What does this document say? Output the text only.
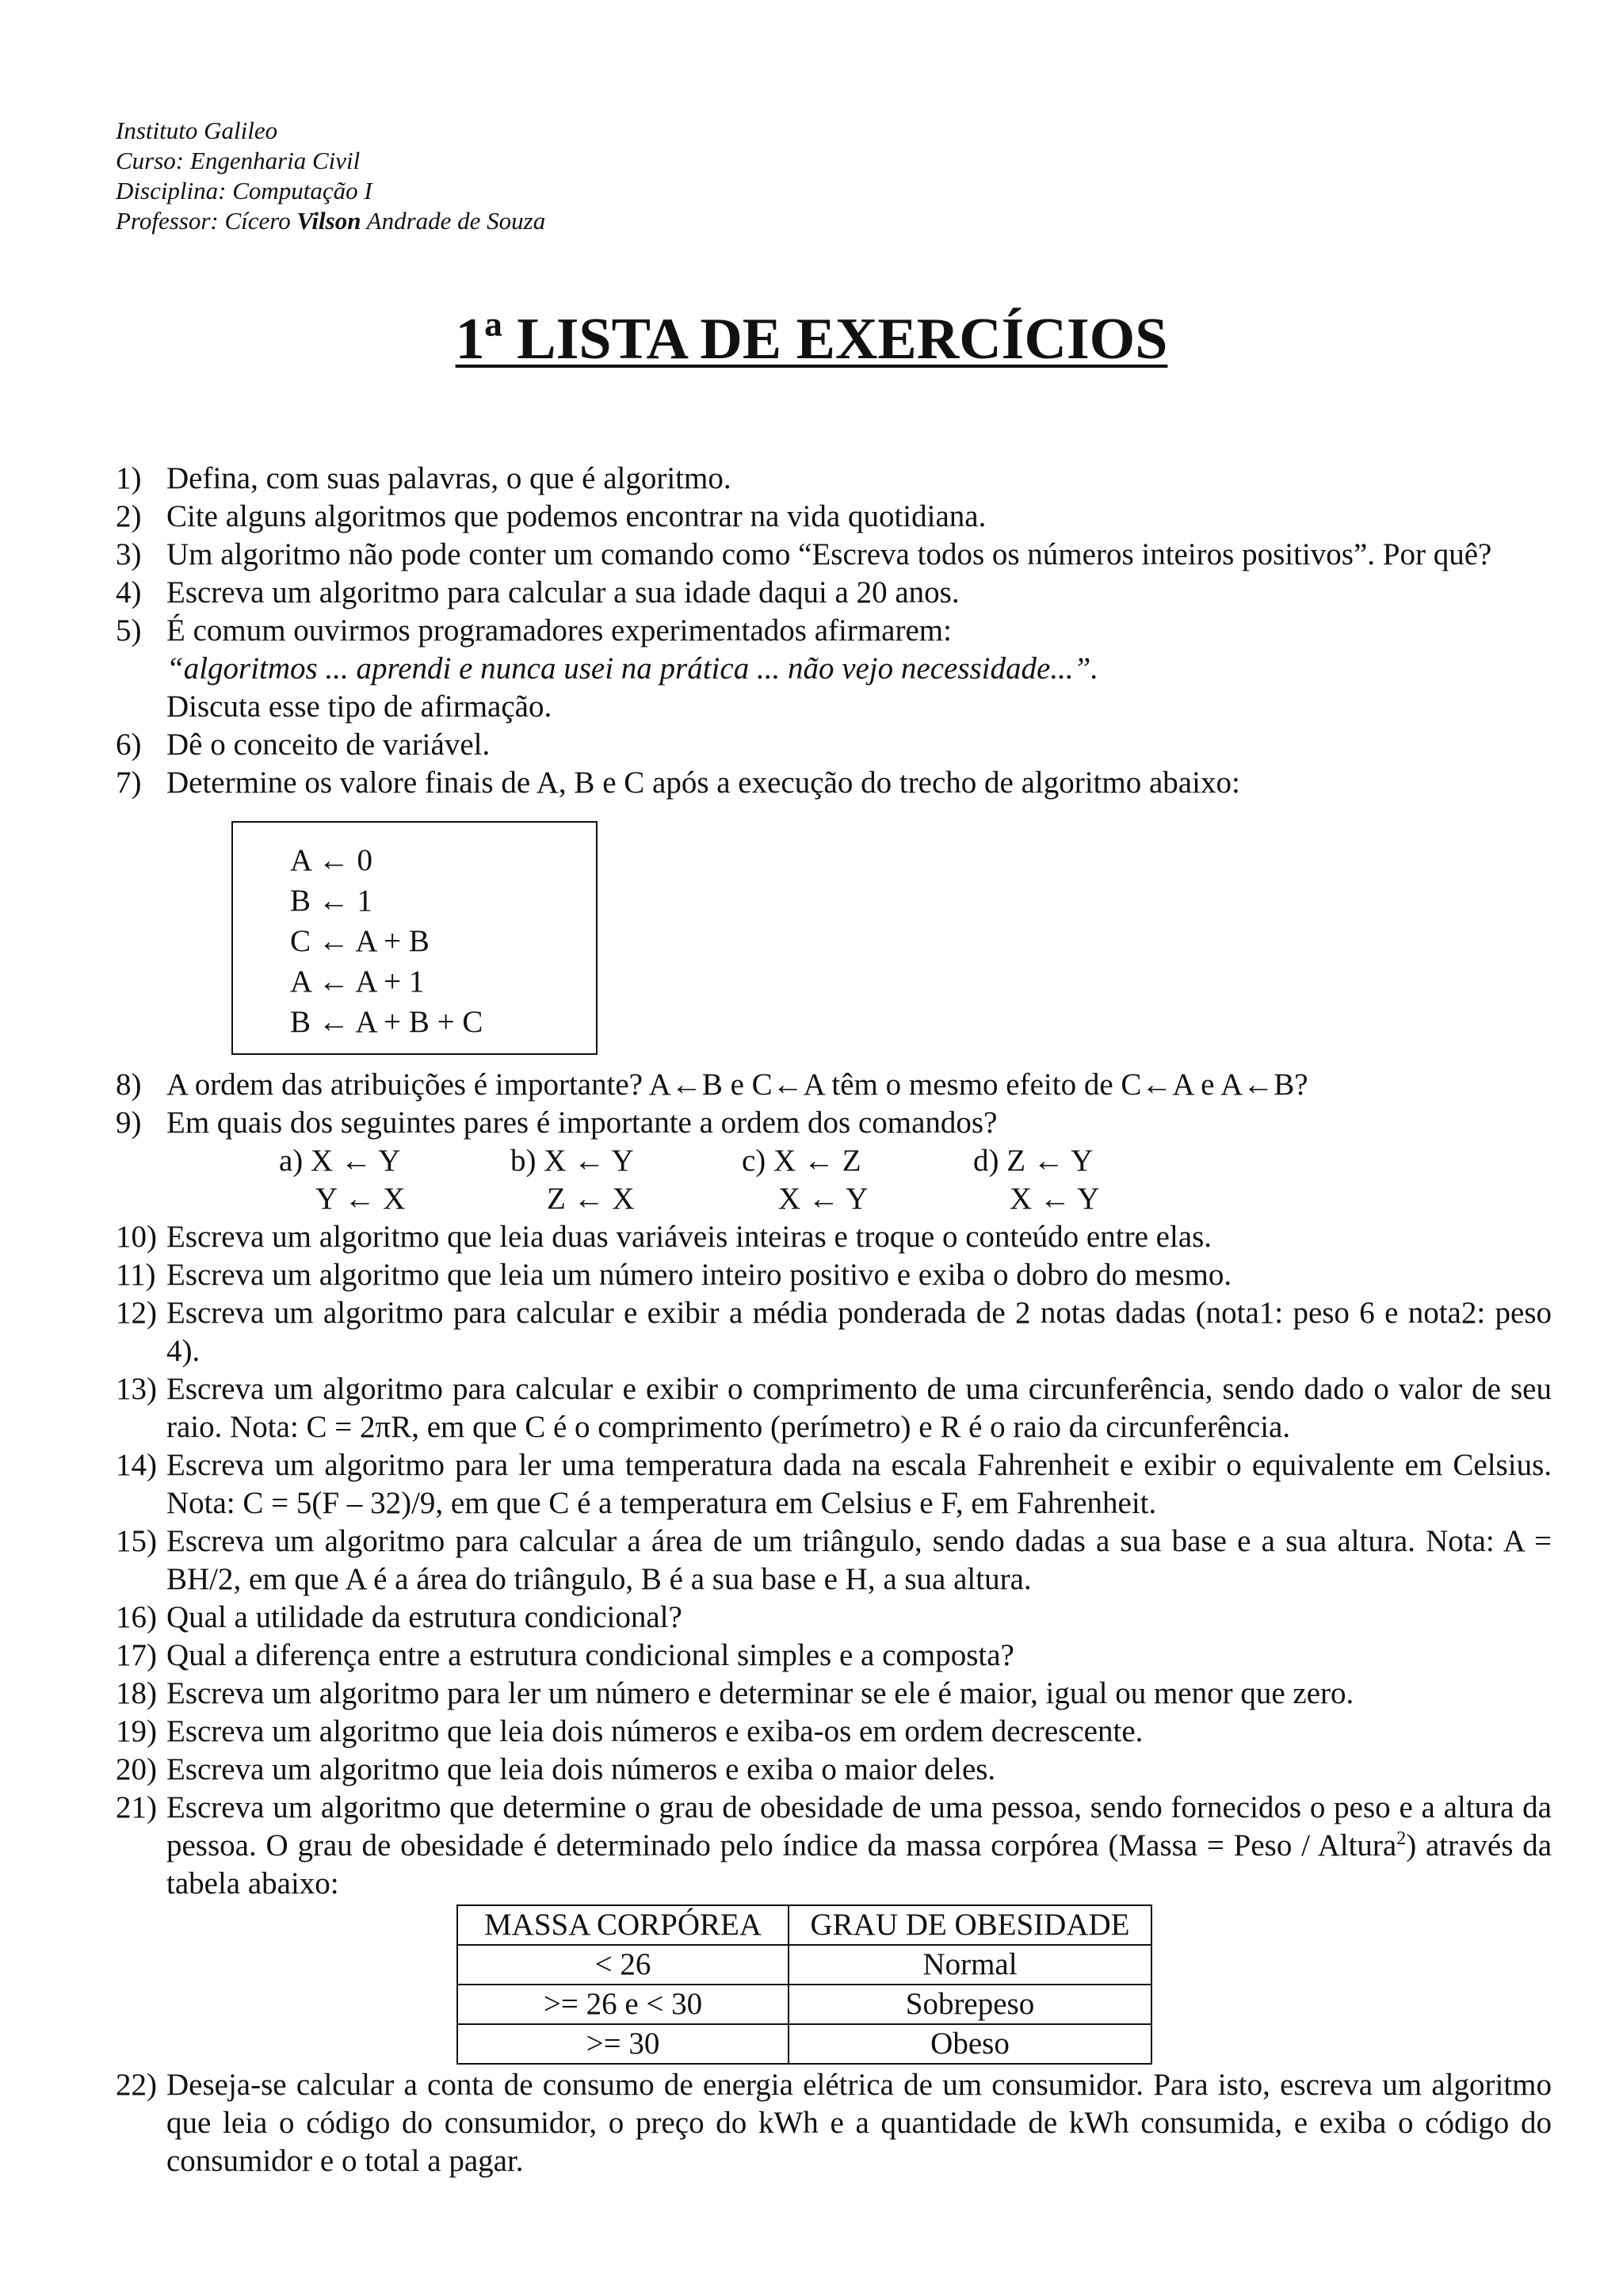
Instituto Galileo
Curso: Engenharia Civil
Disciplina: Computação I
Professor: Cícero Vilson Andrade de Souza
1ª LISTA DE EXERCÍCIOS
1) Defina, com suas palavras, o que é algoritmo.
2) Cite alguns algoritmos que podemos encontrar na vida quotidiana.
3) Um algoritmo não pode conter um comando como “Escreva todos os números inteiros positivos”. Por quê?
4) Escreva um algoritmo para calcular a sua idade daqui a 20 anos.
5) É comum ouvirmos programadores experimentados afirmarem:
“algoritmos ... aprendi e nunca usei na prática ... não vejo necessidade...”.
Discuta esse tipo de afirmação.
6) Dê o conceito de variável.
7) Determine os valore finais de A, B e C após a execução do trecho de algoritmo abaixo:
A ← 0
B ← 1
C ← A + B
A ← A + 1
B ← A + B + C
8) A ordem das atribuições é importante? A←B e C←A têm o mesmo efeito de C←A e A←B?
9) Em quais dos seguintes pares é importante a ordem dos comandos?
a) X ← Y
Y ← X
b) X ← Y
Z ← X
c) X ← Z
X ← Y
d) Z ← Y
X ← Y
10) Escreva um algoritmo que leia duas variáveis inteiras e troque o conteúdo entre elas.
11) Escreva um algoritmo que leia um número inteiro positivo e exiba o dobro do mesmo.
12) Escreva um algoritmo para calcular e exibir a média ponderada de 2 notas dadas (nota1: peso 6 e nota2: peso 4).
13) Escreva um algoritmo para calcular e exibir o comprimento de uma circunferência, sendo dado o valor de seu raio. Nota: C = 2πR, em que C é o comprimento (perímetro) e R é o raio da circunferência.
14) Escreva um algoritmo para ler uma temperatura dada na escala Fahrenheit e exibir o equivalente em Celsius. Nota: C = 5(F – 32)/9, em que C é a temperatura em Celsius e F, em Fahrenheit.
15) Escreva um algoritmo para calcular a área de um triângulo, sendo dadas a sua base e a sua altura. Nota: A = BH/2, em que A é a área do triângulo, B é a sua base e H, a sua altura.
16) Qual a utilidade da estrutura condicional?
17) Qual a diferença entre a estrutura condicional simples e a composta?
18) Escreva um algoritmo para ler um número e determinar se ele é maior, igual ou menor que zero.
19) Escreva um algoritmo que leia dois números e exiba-os em ordem decrescente.
20) Escreva um algoritmo que leia dois números e exiba o maior deles.
21) Escreva um algoritmo que determine o grau de obesidade de uma pessoa, sendo fornecidos o peso e a altura da pessoa. O grau de obesidade é determinado pelo índice da massa corpórea (Massa = Peso / Altura$^2$) através da tabela abaixo:
MASSA CORPÓREA	GRAU DE OBESIDADE
< 26	Normal
>= 26 e < 30	Sobrepeso
>= 30	Obeso
22) Deseja-se calcular a conta de consumo de energia elétrica de um consumidor. Para isto, escreva um algoritmo que leia o código do consumidor, o preço do kWh e a quantidade de kWh consumida, e exiba o código do consumidor e o total a pagar.
